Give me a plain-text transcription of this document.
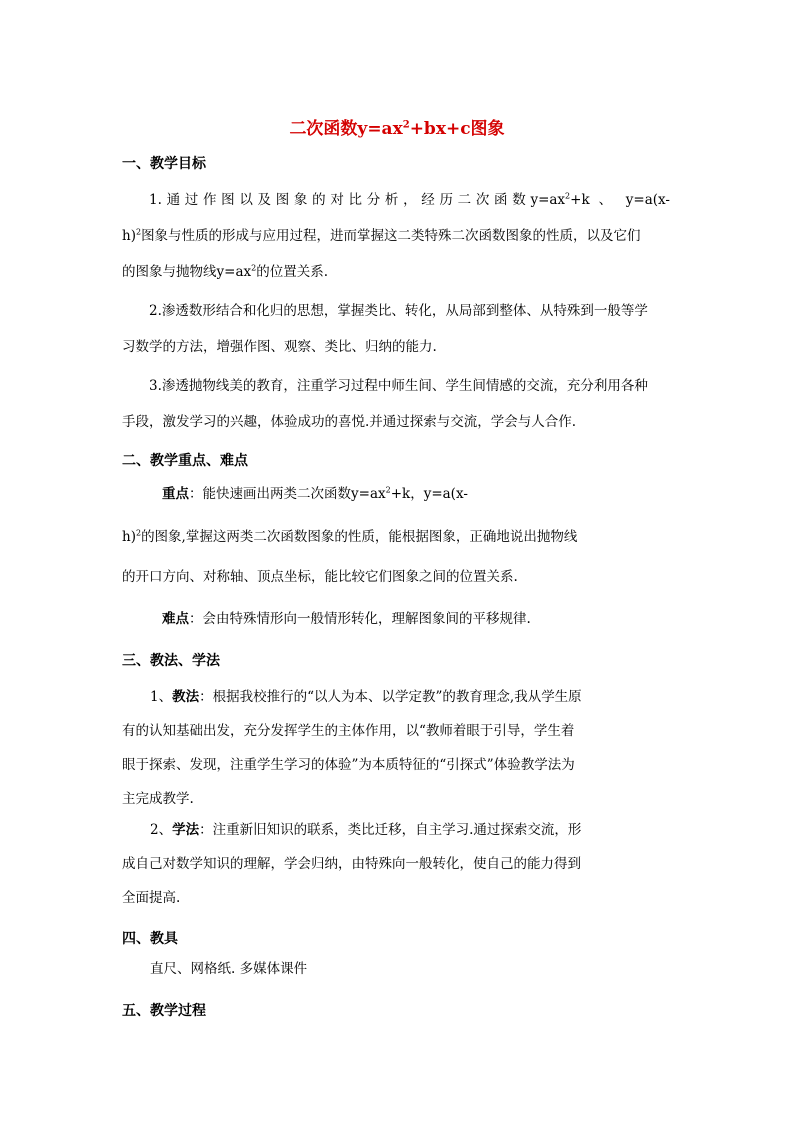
二次函数$y=ax^2+bx+c$图象
一、教学目标
1.通过作图以及图象的对比分析，经历二次函数$y=ax^2+k$ 、 y=a(x-
h)$^2$图象与性质的形成与应用过程，进而掌握这二类特殊二次函数图象的性质，以及它们
的图象与抛物线$y=ax^2$的位置关系.
2.渗透数形结合和化归的思想，掌握类比、转化，从局部到整体、从特殊到一般等学
习数学的方法，增强作图、观察、类比、归纳的能力.
3.渗透抛物线美的教育，注重学习过程中师生间、学生间情感的交流，充分利用各种
手段，激发学习的兴趣，体验成功的喜悦.并通过探索与交流，学会与人合作.
二、教学重点、难点
重点：能快速画出两类二次函数$y=ax^2+k$，y=a(x-
h)$^2$的图象,掌握这两类二次函数图象的性质，能根据图象，正确地说出抛物线
的开口方向、对称轴、顶点坐标，能比较它们图象之间的位置关系.
难点：会由特殊情形向一般情形转化，理解图象间的平移规律.
三、教法、学法
1、教法：根据我校推行的“以人为本、以学定教”的教育理念,我从学生原
有的认知基础出发，充分发挥学生的主体作用，以“教师着眼于引导，学生着
眼于探索、发现，注重学生学习的体验”为本质特征的“引探式”体验教学法为
主完成教学.
2、学法：注重新旧知识的联系，类比迁移，自主学习.通过探索交流，形
成自己对数学知识的理解，学会归纳，由特殊向一般转化，使自己的能力得到
全面提高.
四、教具
直尺、网格纸. 多媒体课件
五、教学过程
